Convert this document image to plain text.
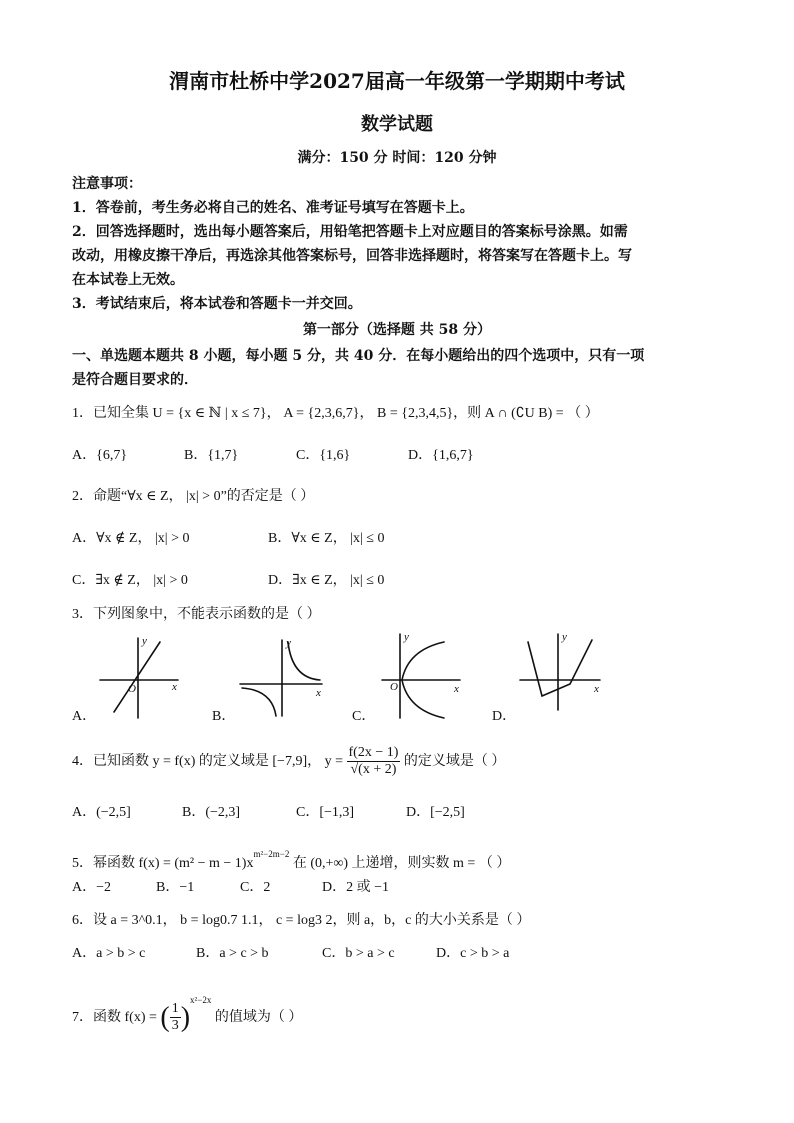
渭南市杜桥中学2027届高一年级第一学期期中考试
数学试题
满分：150 分 时间：120 分钟
注意事项：
1．答卷前，考生务必将自己的姓名、准考证号填写在答题卡上。
2．回答选择题时，选出每小题答案后，用铅笔把答题卡上对应题目的答案标号涂黑。如需
改动，用橡皮擦干净后，再选涂其他答案标号，回答非选择题时，将答案写在答题卡上。写
在本试卷上无效。
3．考试结束后，将本试卷和答题卡一并交回。
第一部分（选择题 共 58 分）
一、单选题本题共 8 小题，每小题 5 分，共 40 分．在每小题给出的四个选项中，只有一项
是符合题目要求的．
1．已知全集 U = {x ∈ ℕ | x ≤ 7}， A = {2,3,6,7}， B = {2,3,4,5}，则 A ∩ (∁U B) = （ ）
A．{6,7}	B．{1,7}	C．{1,6}	D．{1,6,7}
2．命题“∀x ∈ Z， |x| > 0”的否定是（ ）
A．∀x ∉ Z， |x| > 0	B．∀x ∈ Z， |x| ≤ 0
C．∃x ∉ Z， |x| > 0	D．∃x ∈ Z， |x| ≤ 0
3．下列图象中，不能表示函数的是（ ）
y
x
O
A．
y
x
B．
y
x
O
C．
y
x
D．
4．已知函数 y = f(x) 的定义域是 [−7,9]， $y = \frac{f(2x - 1)}{√(x + 2)}$ 的定义域是（ ）
A．(−2,5]	B．(−2,3]	C．[−1,3]	D．[−2,5]
5．幂函数 $f(x) = (m^2 - m - 1)x^{m^2-2m-2}$ 在 (0,+∞) 上递增，则实数 m = （ ）
A．−2	B．−1	C．2	D．2 或 −1
6．设 a = 3^0.1， b = log0.7 1.1， c = log3 2，则 a，b，c 的大小关系是（ ）
A．a > b > c	B．a > c > b	C．b > a > c	D．c > b > a
7．函数 f(x) = ( $\frac{1}{3} )^{x^2-2x}$ 的值域为（ ）
